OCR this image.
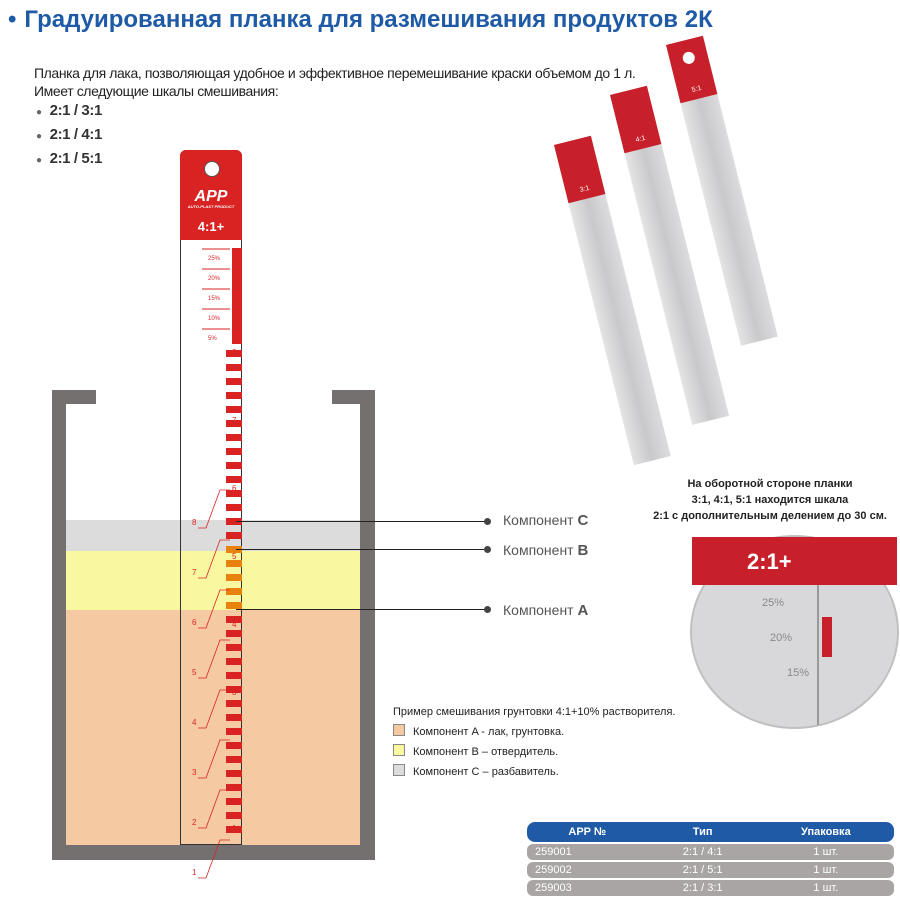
• Градуированная планка для размешивания продуктов 2К
Планка для лака, позволяющая удобное и эффективное перемешивание краски объемом до 1 л.
Имеет следующие шкалы смешивания:
● 2:1 / 3:1
● 2:1 / 4:1
● 2:1 / 5:1
APP
AUTO-PLAST PRODUCT
4:1+
25%
20%
15%
10%
5%
8
7
6
5
4
3
2
1
8
7
6
5
4
3
2
1
Компонент C
Компонент B
Компонент A
3:1
4:1
5:1
На оборотной стороне планки
3:1, 4:1, 5:1 находится шкала
2:1 с дополнительным делением до 30 см.
2:1+
25%
20%
15%
Пример смешивания грунтовки 4:1+10% растворителя.
Компонент A - лак, грунтовка.
Компонент B – отвердитель.
Компонент C – разбавитель.
APP №	Тип	Упаковка
259001	2:1 / 4:1	1 шт.
259002	2:1 / 5:1	1 шт.
259003	2:1 / 3:1	1 шт.
